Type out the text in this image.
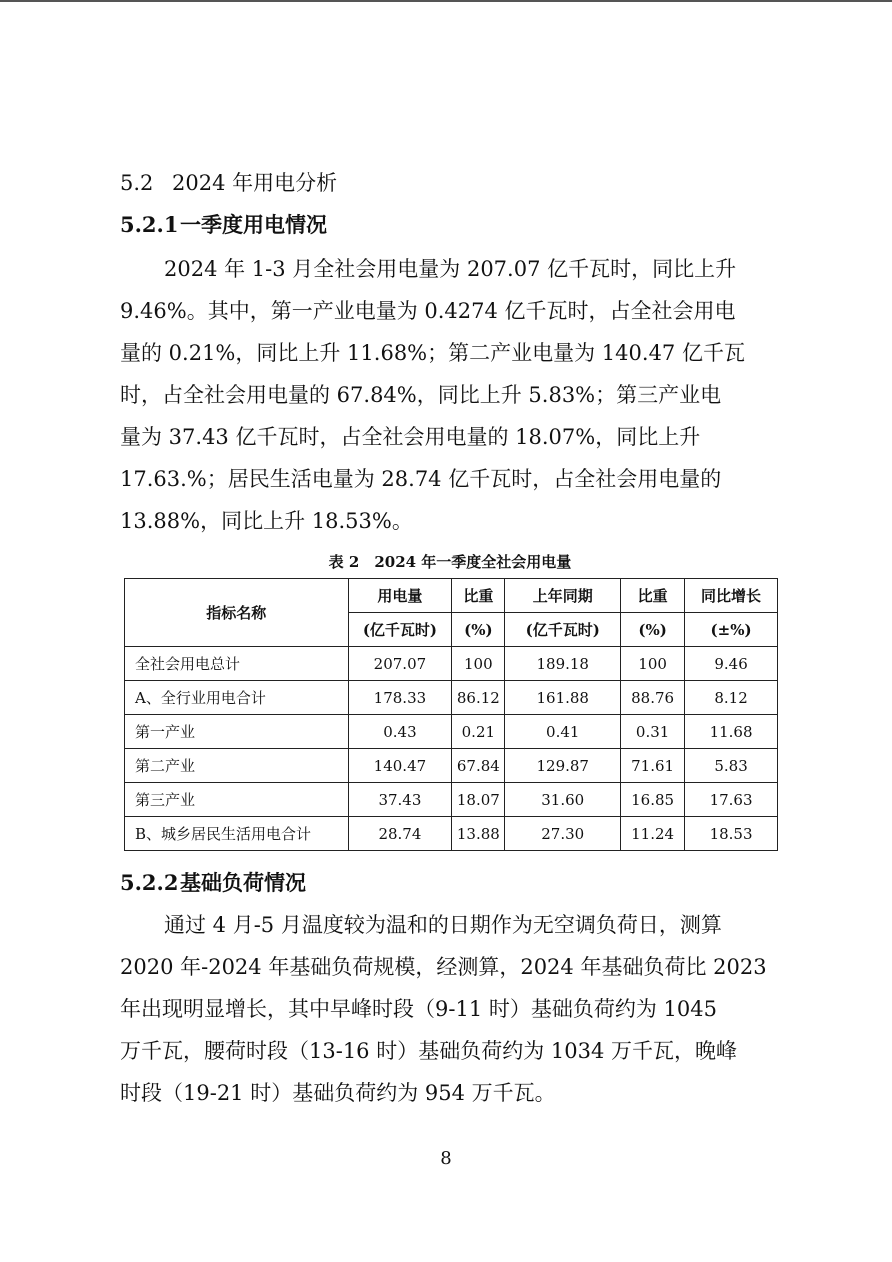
5.2 2024 年用电分析
5.2.1一季度用电情况
2024 年 1-3 月全社会用电量为 207.07 亿千瓦时，同比上升
9.46%。其中，第一产业电量为 0.4274 亿千瓦时，占全社会用电
量的 0.21%，同比上升 11.68%；第二产业电量为 140.47 亿千瓦
时，占全社会用电量的 67.84%，同比上升 5.83%；第三产业电
量为 37.43 亿千瓦时，占全社会用电量的 18.07%，同比上升
17.63.%；居民生活电量为 28.74 亿千瓦时，占全社会用电量的
13.88%，同比上升 18.53%。
表 2　2024 年一季度全社会用电量
指标名称	用电量	比重	上年同期	比重	同比增长
	(亿千瓦时)	(%)	(亿千瓦时)	(%)	(±%)
全社会用电总计	207.07	100	189.18	100	9.46
A、全行业用电合计	178.33	86.12	161.88	88.76	8.12
第一产业	0.43	0.21	0.41	0.31	11.68
第二产业	140.47	67.84	129.87	71.61	5.83
第三产业	37.43	18.07	31.60	16.85	17.63
B、城乡居民生活用电合计	28.74	13.88	27.30	11.24	18.53
5.2.2基础负荷情况
通过 4 月-5 月温度较为温和的日期作为无空调负荷日，测算
2020 年-2024 年基础负荷规模，经测算，2024 年基础负荷比 2023
年出现明显增长，其中早峰时段（9-11 时）基础负荷约为 1045
万千瓦，腰荷时段（13-16 时）基础负荷约为 1034 万千瓦，晚峰
时段（19-21 时）基础负荷约为 954 万千瓦。
8
